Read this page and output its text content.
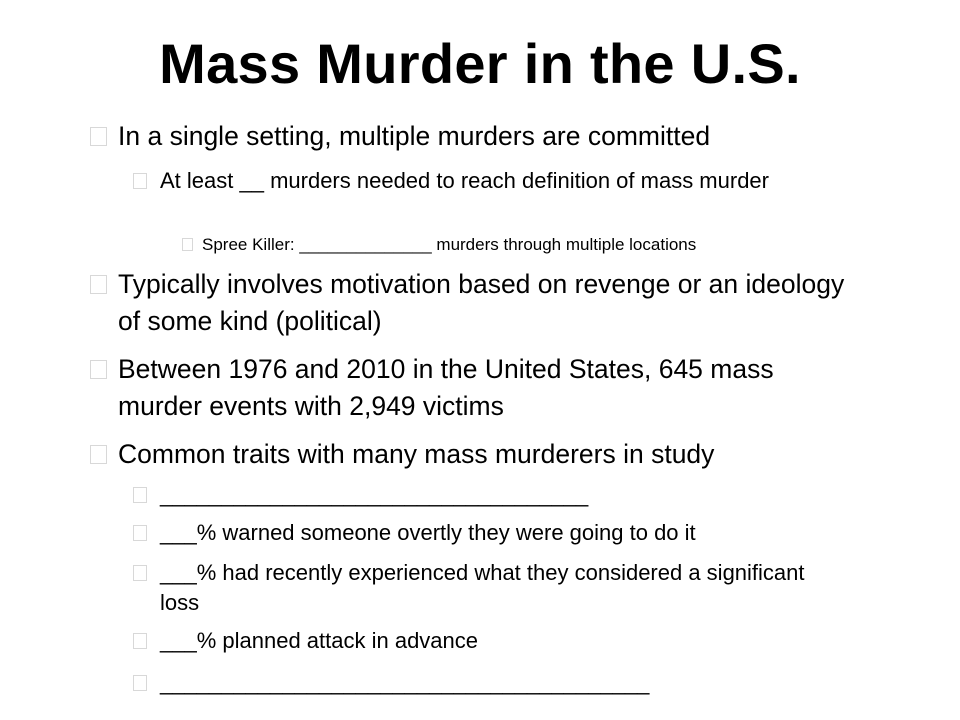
Mass Murder in the U.S.
In a single setting, multiple murders are committed
At least __ murders needed to reach definition of mass murder
Spree Killer: ______________ murders through multiple locations
Typically involves motivation based on revenge or an ideology of some kind (political)
Between 1976 and 2010 in the United States, 645 mass murder events with 2,949 victims
Common traits with many mass murderers in study
___________________________________
___% warned someone overtly they were going to do it
___% had recently experienced what they considered a significant loss
___% planned attack in advance
________________________________________
